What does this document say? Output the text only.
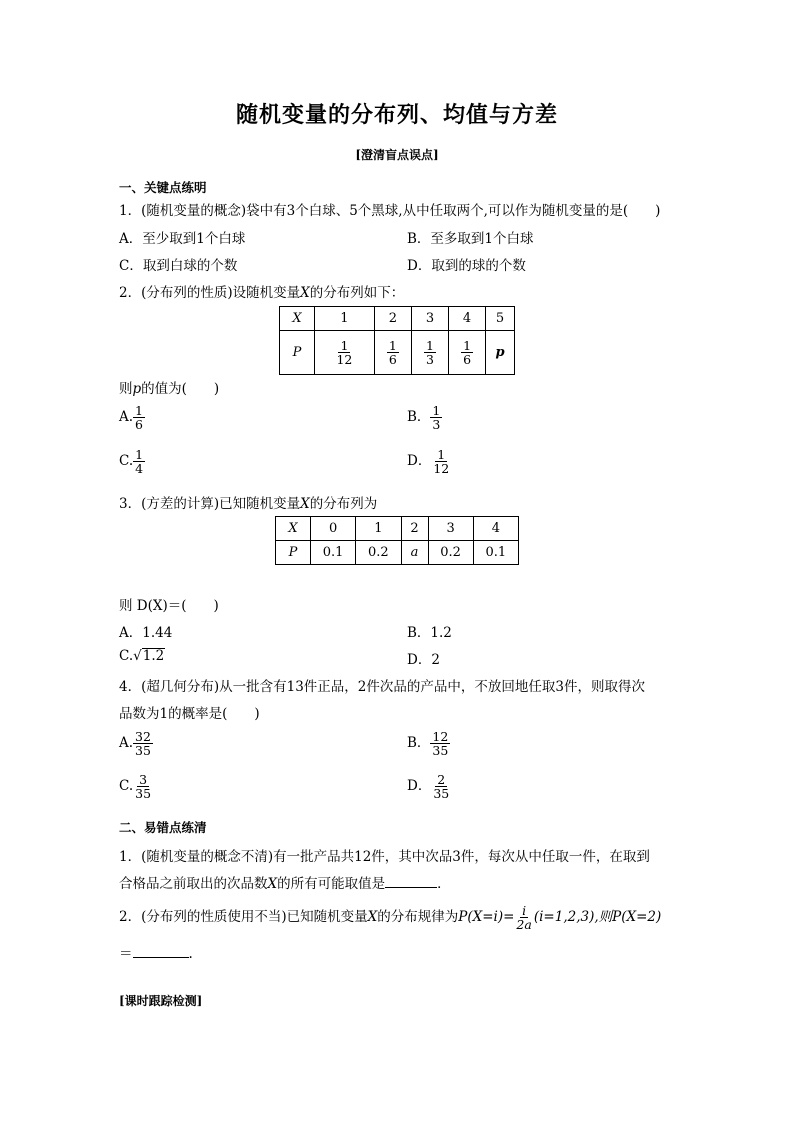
随机变量的分布列、均值与方差
[澄清盲点误点]
一、关键点练明
1．(随机变量的概念)袋中有3个白球、5个黑球,从中任取两个,可以作为随机变量的是(　　)
A．至少取到1个白球	B．至多取到1个白球
C．取到白球的个数	D．取到的球的个数
2．(分布列的性质)设随机变量X的分布列如下：
X	1	2	3	4	5
P	$\frac{1}{12}$	$\frac{1}{6}$	$\frac{1}{3}$	$\frac{1}{6}$	p
则p的值为(　　)
A. $\frac{1}{6}$	B． $\frac{1}{3}$
C. $\frac{1}{4}$	D． $\frac{1}{12}$
3．(方差的计算)已知随机变量X的分布列为
X	0	1	2	3	4
P	0.1	0.2	a	0.2	0.1
则 D(X)＝(　　)
A．1.44	B．1.2
C.√1.2	D．2
4．(超几何分布)从一批含有13件正品，2件次品的产品中，不放回地任取3件，则取得次
品数为1的概率是(　　)
A. $\frac{32}{35}$	B． $\frac{12}{35}$
C. $\frac{3}{35}$	D． $\frac{2}{35}$
二、易错点练清
1．(随机变量的概念不清)有一批产品共12件，其中次品3件，每次从中任取一件，在取到
合格品之前取出的次品数X的所有可能取值是	．
2．(分布列的性质使用不当)已知随机变量X的分布规律为$P(X=i)= \frac{i}{2a} (i=1,2,3)$,则P(X=2)
＝	.
[课时跟踪检测]
